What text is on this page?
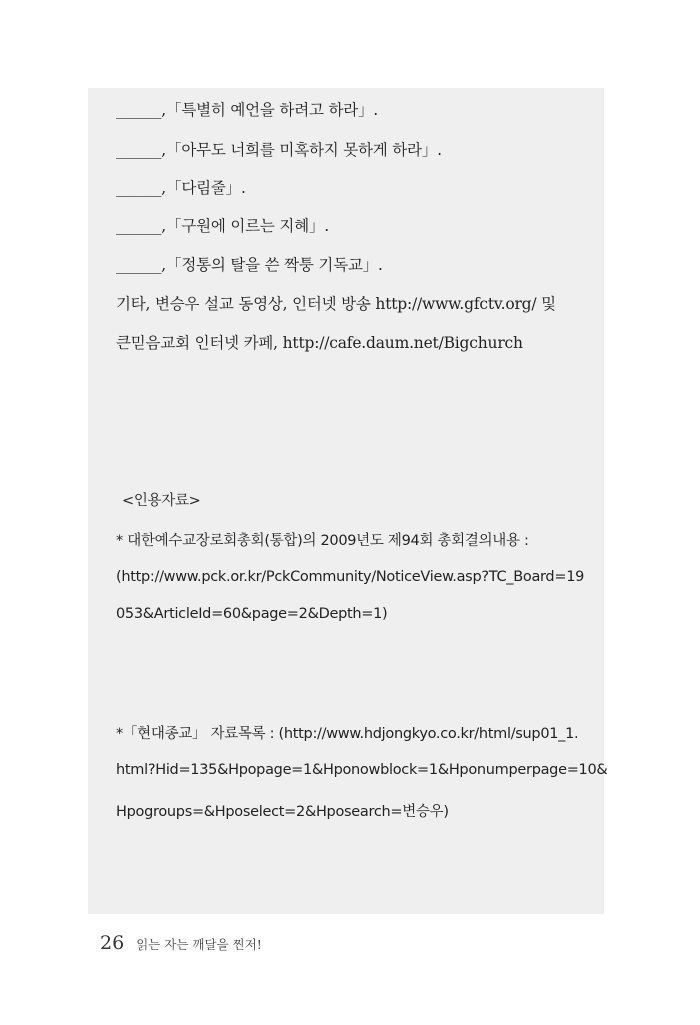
______,「특별히 예언을 하려고 하라」.
______,「아무도 너희를 미혹하지 못하게 하라」.
______,「다림줄」.
______,「구원에 이르는 지혜」.
______,「정통의 탈을 쓴 짝퉁 기독교」.
기타, 변승우 설교 동영상, 인터넷 방송 http://www.gfctv.org/ 및
큰믿음교회 인터넷 카페, http://cafe.daum.net/Bigchurch
<인용자료>
* 대한예수교장로회총회(통합)의 2009년도 제94회 총회결의내용 :
(http://www.pck.or.kr/PckCommunity/NoticeView.asp?TC_Board=19
053&ArticleId=60&page=2&Depth=1)
*「현대종교」 자료목록 : (http://www.hdjongkyo.co.kr/html/sup01_1.
html?Hid=135&Hpopage=1&Hponowblock=1&Hponumperpage=10&
Hpogroups=&Hposelect=2&Hposearch=변승우)
26 읽는 자는 깨달을 찐저!
